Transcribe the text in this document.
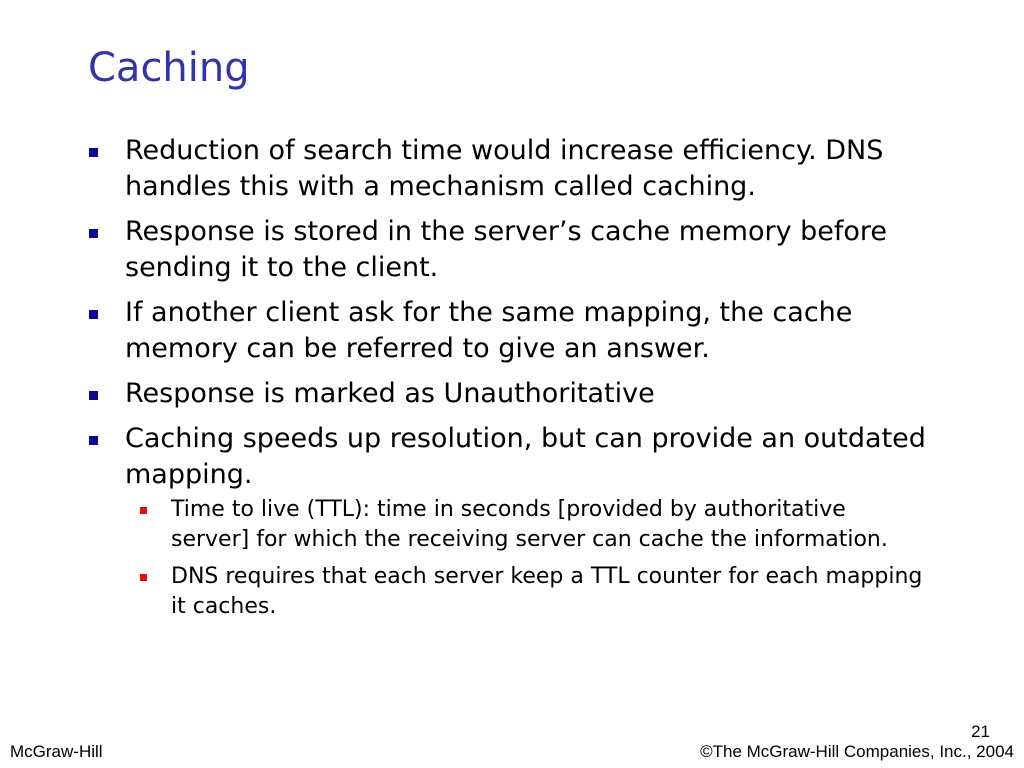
Caching
Reduction of search time would increase efficiency. DNS handles this with a mechanism called caching.
Response is stored in the server’s cache memory before sending it to the client.
If another client ask for the same mapping, the cache memory can be referred to give an answer.
Response is marked as Unauthoritative
Caching speeds up resolution, but can provide an outdated mapping.
Time to live (TTL): time in seconds [provided by authoritative server] for which the receiving server can cache the information.
DNS requires that each server keep a TTL counter for each mapping it caches.
21
McGraw-Hill	©The McGraw-Hill Companies, Inc., 2004
